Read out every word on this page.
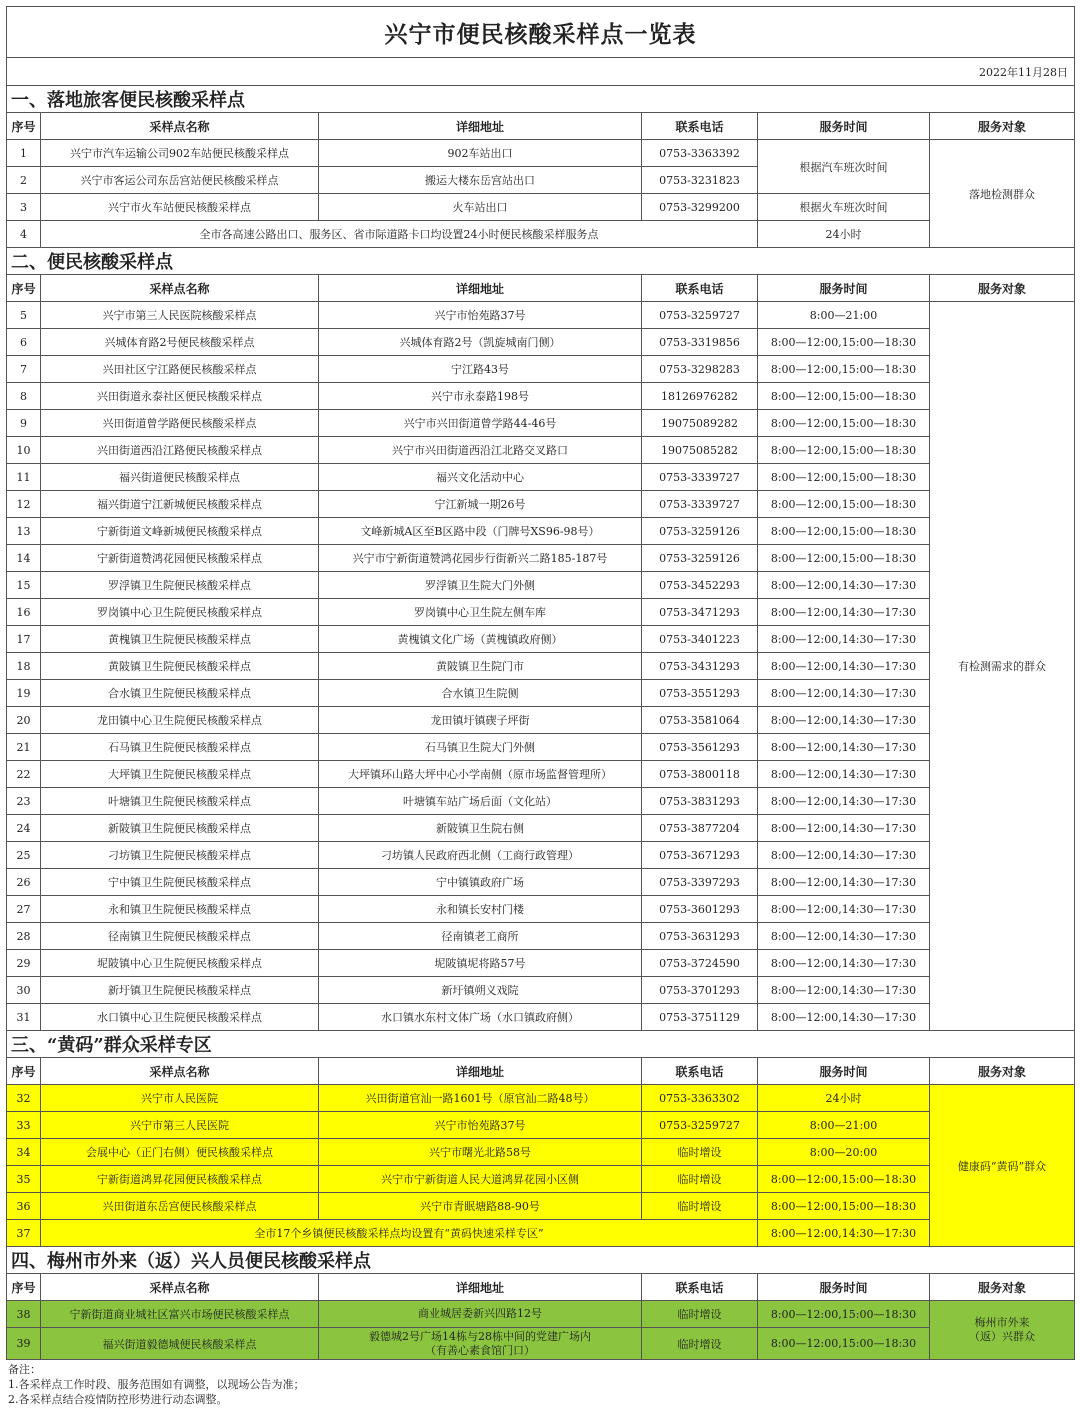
兴宁市便民核酸采样点一览表					
2022年11月28日					
一、落地旅客便民核酸采样点					
序号	采样点名称	详细地址	联系电话	服务时间	服务对象
1	兴宁市汽车运输公司902车站便民核酸采样点	902车站出口	0753-3363392	根据汽车班次时间	落地检测群众
2	兴宁市客运公司东岳宫站便民核酸采样点	搬运大楼东岳宫站出口	0753-3231823		
3	兴宁市火车站便民核酸采样点	火车站出口	0753-3299200	根据火车班次时间	
4	全市各高速公路出口、服务区、省市际道路卡口均设置24小时便民核酸采样服务点			24小时	
二、便民核酸采样点					
序号	采样点名称	详细地址	联系电话	服务时间	服务对象
5	兴宁市第三人民医院核酸采样点	兴宁市怡苑路37号	0753-3259727	8:00—21:00	有检测需求的群众
6	兴城体育路2号便民核酸采样点	兴城体育路2号（凯旋城南门侧）	0753-3319856	8:00—12:00,15:00—18:30	
7	兴田社区宁江路便民核酸采样点	宁江路43号	0753-3298283	8:00—12:00,15:00—18:30	
8	兴田街道永泰社区便民核酸采样点	兴宁市永泰路198号	18126976282	8:00—12:00,15:00—18:30	
9	兴田街道曾学路便民核酸采样点	兴宁市兴田街道曾学路44-46号	19075089282	8:00—12:00,15:00—18:30	
10	兴田街道西沿江路便民核酸采样点	兴宁市兴田街道西沿江北路交叉路口	19075085282	8:00—12:00,15:00—18:30	
11	福兴街道便民核酸采样点	福兴文化活动中心	0753-3339727	8:00—12:00,15:00—18:30	
12	福兴街道宁江新城便民核酸采样点	宁江新城一期26号	0753-3339727	8:00—12:00,15:00—18:30	
13	宁新街道文峰新城便民核酸采样点	文峰新城A区至B区路中段（门牌号XS96-98号）	0753-3259126	8:00—12:00,15:00—18:30	
14	宁新街道赞鸿花园便民核酸采样点	兴宁市宁新街道赞鸿花园步行街新兴二路185-187号	0753-3259126	8:00—12:00,15:00—18:30	
15	罗浮镇卫生院便民核酸采样点	罗浮镇卫生院大门外侧	0753-3452293	8:00—12:00,14:30—17:30	
16	罗岗镇中心卫生院便民核酸采样点	罗岗镇中心卫生院左侧车库	0753-3471293	8:00—12:00,14:30—17:30	
17	黄槐镇卫生院便民核酸采样点	黄槐镇文化广场（黄槐镇政府侧）	0753-3401223	8:00—12:00,14:30—17:30	
18	黄陂镇卫生院便民核酸采样点	黄陂镇卫生院门市	0753-3431293	8:00—12:00,14:30—17:30	
19	合水镇卫生院便民核酸采样点	合水镇卫生院侧	0753-3551293	8:00—12:00,14:30—17:30	
20	龙田镇中心卫生院便民核酸采样点	龙田镇圩镇碶子坪街	0753-3581064	8:00—12:00,14:30—17:30	
21	石马镇卫生院便民核酸采样点	石马镇卫生院大门外侧	0753-3561293	8:00—12:00,14:30—17:30	
22	大坪镇卫生院便民核酸采样点	大坪镇环山路大坪中心小学南侧（原市场监督管理所）	0753-3800118	8:00—12:00,14:30—17:30	
23	叶塘镇卫生院便民核酸采样点	叶塘镇车站广场后面（文化站）	0753-3831293	8:00—12:00,14:30—17:30	
24	新陂镇卫生院便民核酸采样点	新陂镇卫生院右侧	0753-3877204	8:00—12:00,14:30—17:30	
25	刁坊镇卫生院便民核酸采样点	刁坊镇人民政府西北侧（工商行政管理）	0753-3671293	8:00—12:00,14:30—17:30	
26	宁中镇卫生院便民核酸采样点	宁中镇镇政府广场	0753-3397293	8:00—12:00,14:30—17:30	
27	永和镇卫生院便民核酸采样点	永和镇长安村门楼	0753-3601293	8:00—12:00,14:30—17:30	
28	径南镇卫生院便民核酸采样点	径南镇老工商所	0753-3631293	8:00—12:00,14:30—17:30	
29	坭陂镇中心卫生院便民核酸采样点	坭陂镇坭将路57号	0753-3724590	8:00—12:00,14:30—17:30	
30	新圩镇卫生院便民核酸采样点	新圩镇朔义戏院	0753-3701293	8:00—12:00,14:30—17:30	
31	水口镇中心卫生院便民核酸采样点	水口镇水东村文体广场（水口镇政府侧）	0753-3751129	8:00—12:00,14:30—17:30	
三、“黄码”群众采样专区					
序号	采样点名称	详细地址	联系电话	服务时间	服务对象
32	兴宁市人民医院	兴田街道官汕一路1601号（原官汕二路48号）	0753-3363302	24小时	健康码“黄码”群众
33	兴宁市第三人民医院	兴宁市怡苑路37号	0753-3259727	8:00—21:00	
34	会展中心（正门右侧）便民核酸采样点	兴宁市曙光北路58号	临时增设	8:00—20:00	
35	宁新街道鸿昇花园便民核酸采样点	兴宁市宁新街道人民大道鸿昇花园小区侧	临时增设	8:00—12:00,15:00—18:30	
36	兴田街道东岳宫便民核酸采样点	兴宁市青眠塘路88-90号	临时增设	8:00—12:00,15:00—18:30	
37	全市17个乡镇便民核酸采样点均设置有“黄码快速采样专区”			8:00—12:00,14:30—17:30	
四、梅州市外来（返）兴人员便民核酸采样点					
序号	采样点名称	详细地址	联系电话	服务时间	服务对象
38	宁新街道商业城社区富兴市场便民核酸采样点	商业城居委新兴四路12号	临时增设	8:00—12:00,15:00—18:30	梅州市外来
（返）兴群众

39	福兴街道毅德城便民核酸采样点	毅德城2号广场14栋与28栋中间的党建广场内
（有善心素食馆门口）	临时增设	8:00—12:00,15:00—18:30	
备注：
1.各采样点工作时段、服务范围如有调整，以现场公告为准；
2.各采样点结合疫情防控形势进行动态调整。
